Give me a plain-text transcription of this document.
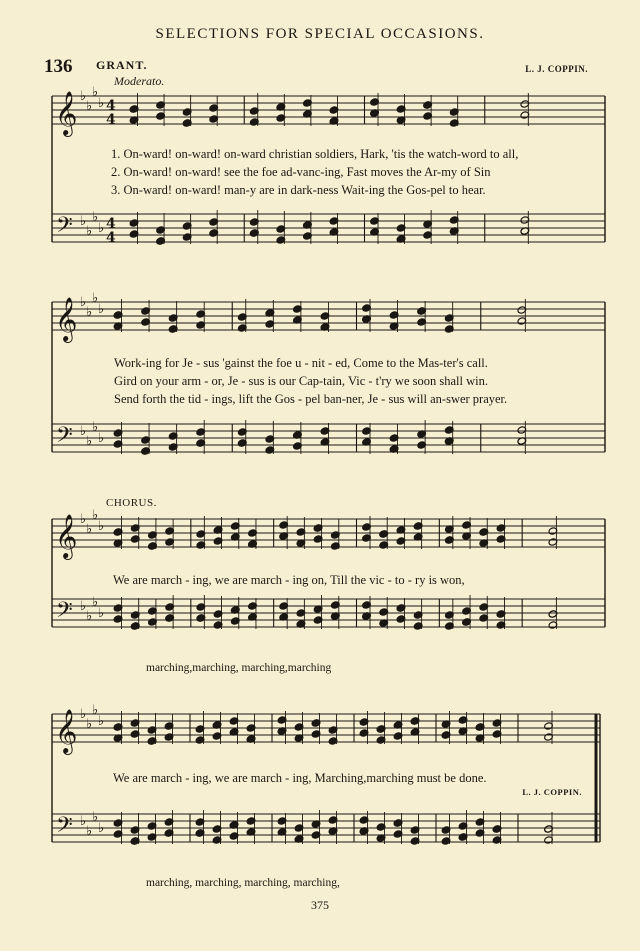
𝄞
𝄢
♭
♭
♭
♭
♭
♭
♭
♭
4
4
4
4
𝄞
𝄢
♭
♭
♭
♭
♭
♭
♭
♭
𝄞
𝄢
♭
♭
♭
♭
♭
♭
♭
♭
𝄞
𝄢
♭
♭
♭
♭
♭
♭
♭
♭
SELECTIONS FOR SPECIAL OCCASIONS.
136 GRANT.	L. J. COPPIN.
Moderato.
1. On-ward! on-ward! on-ward christian soldiers, Hark, 'tis the watch-word to all,
2. On-ward! on-ward! see the foe ad-vanc-ing, Fast moves the Ar-my of Sin
3. On-ward! on-ward! man-y are in dark-ness Wait-ing the Gos-pel to hear.
Work-ing for Je - sus 'gainst the foe u - nit - ed, Come to the Mas-ter's call.
Gird on your arm - or, Je - sus is our Cap-tain, Vic - t'ry we soon shall win.
Send forth the tid - ings, lift the Gos - pel ban-ner, Je - sus will an-swer prayer.
CHORUS.
We are march - ing, we are march - ing on, Till the vic - to - ry is won,
marching,marching, marching,marching
We are march - ing, we are march - ing, Marching,marching must be done.
L. J. COPPIN.
marching, marching, marching, marching,
375
